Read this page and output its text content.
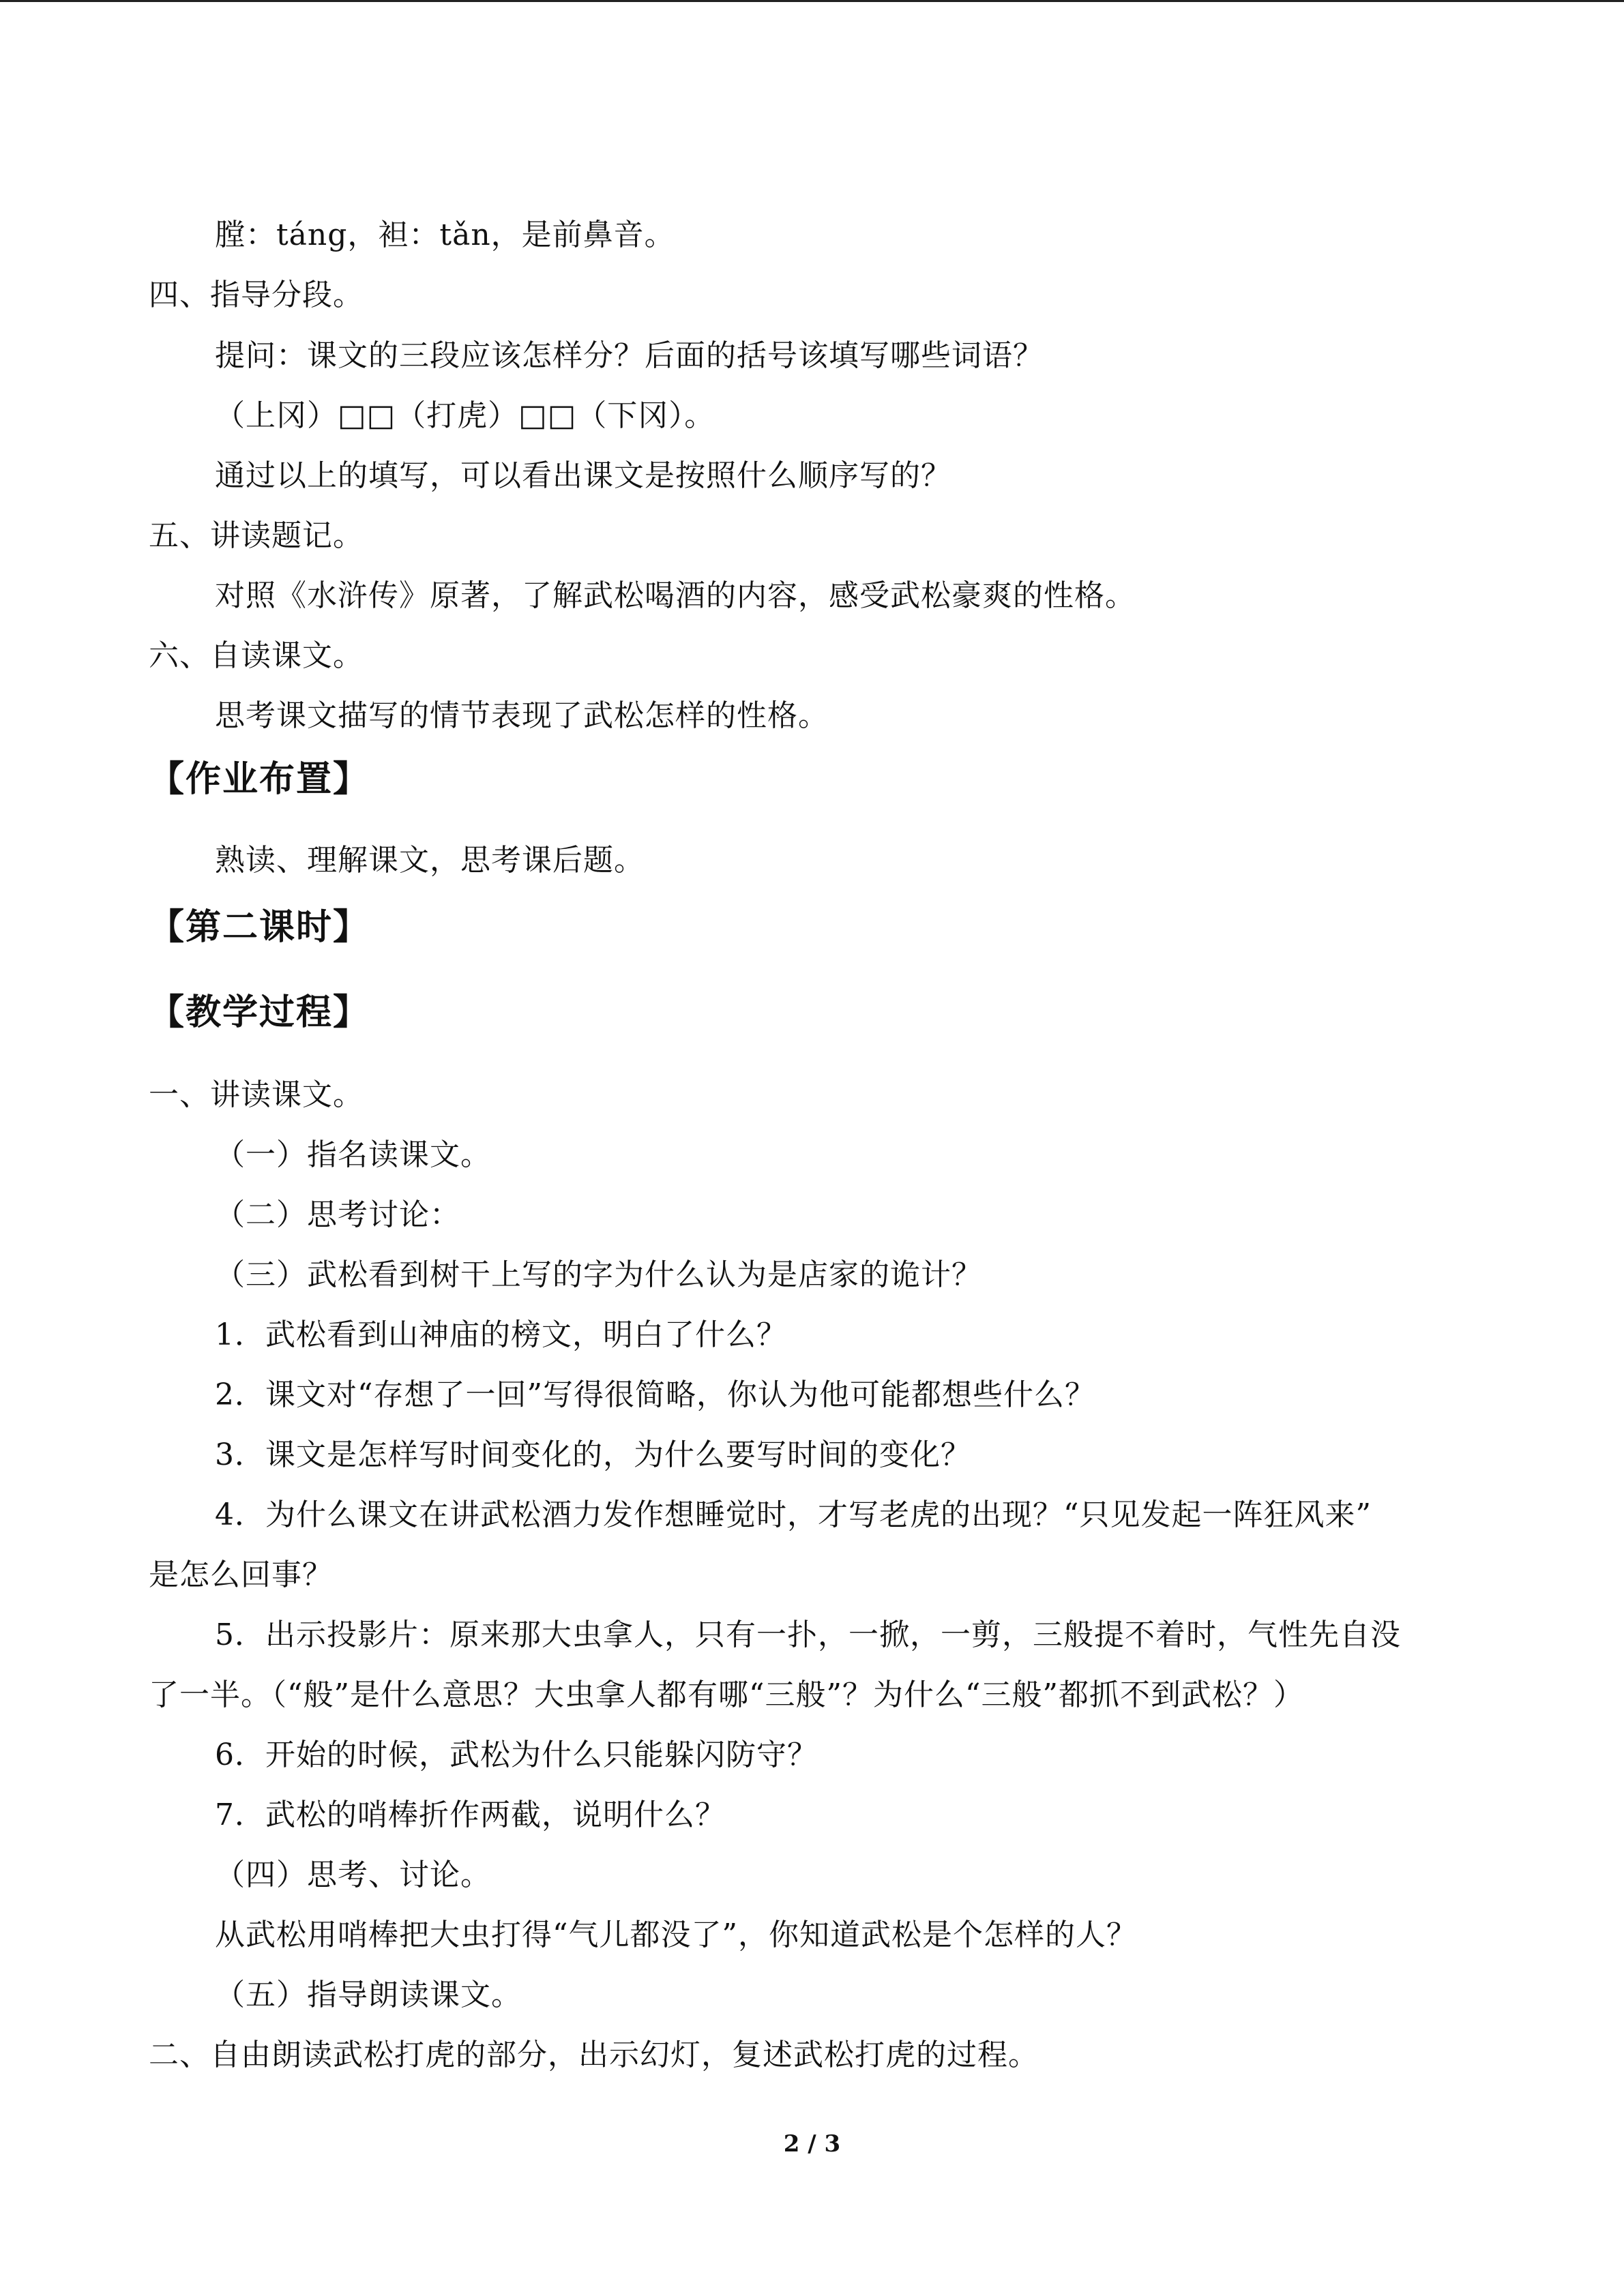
膛：táng，袒：tǎn，是前鼻音。
四、指导分段。
提问：课文的三段应该怎样分？后面的括号该填写哪些词语？
（上冈）□□（打虎）□□（下冈）。
通过以上的填写，可以看出课文是按照什么顺序写的？
五、讲读题记。
对照《水浒传》原著，了解武松喝酒的内容，感受武松豪爽的性格。
六、自读课文。
思考课文描写的情节表现了武松怎样的性格。
【作业布置】
熟读、理解课文，思考课后题。
【第二课时】
【教学过程】
一、讲读课文。
（一）指名读课文。
（二）思考讨论：
（三）武松看到树干上写的字为什么认为是店家的诡计？
1．武松看到山神庙的榜文，明白了什么？
2．课文对“存想了一回”写得很简略，你认为他可能都想些什么？
3．课文是怎样写时间变化的，为什么要写时间的变化？
4．为什么课文在讲武松酒力发作想睡觉时，才写老虎的出现？“只见发起一阵狂风来”
是怎么回事？
5．出示投影片：原来那大虫拿人，只有一扑，一掀，一剪，三般提不着时，气性先自没
了一半。（“般”是什么意思？大虫拿人都有哪“三般”？为什么“三般”都抓不到武松？）
6．开始的时候，武松为什么只能躲闪防守？
7．武松的哨棒折作两截，说明什么？
（四）思考、讨论。
从武松用哨棒把大虫打得“气儿都没了”，你知道武松是个怎样的人？
（五）指导朗读课文。
二、自由朗读武松打虎的部分，出示幻灯，复述武松打虎的过程。
2 / 3
